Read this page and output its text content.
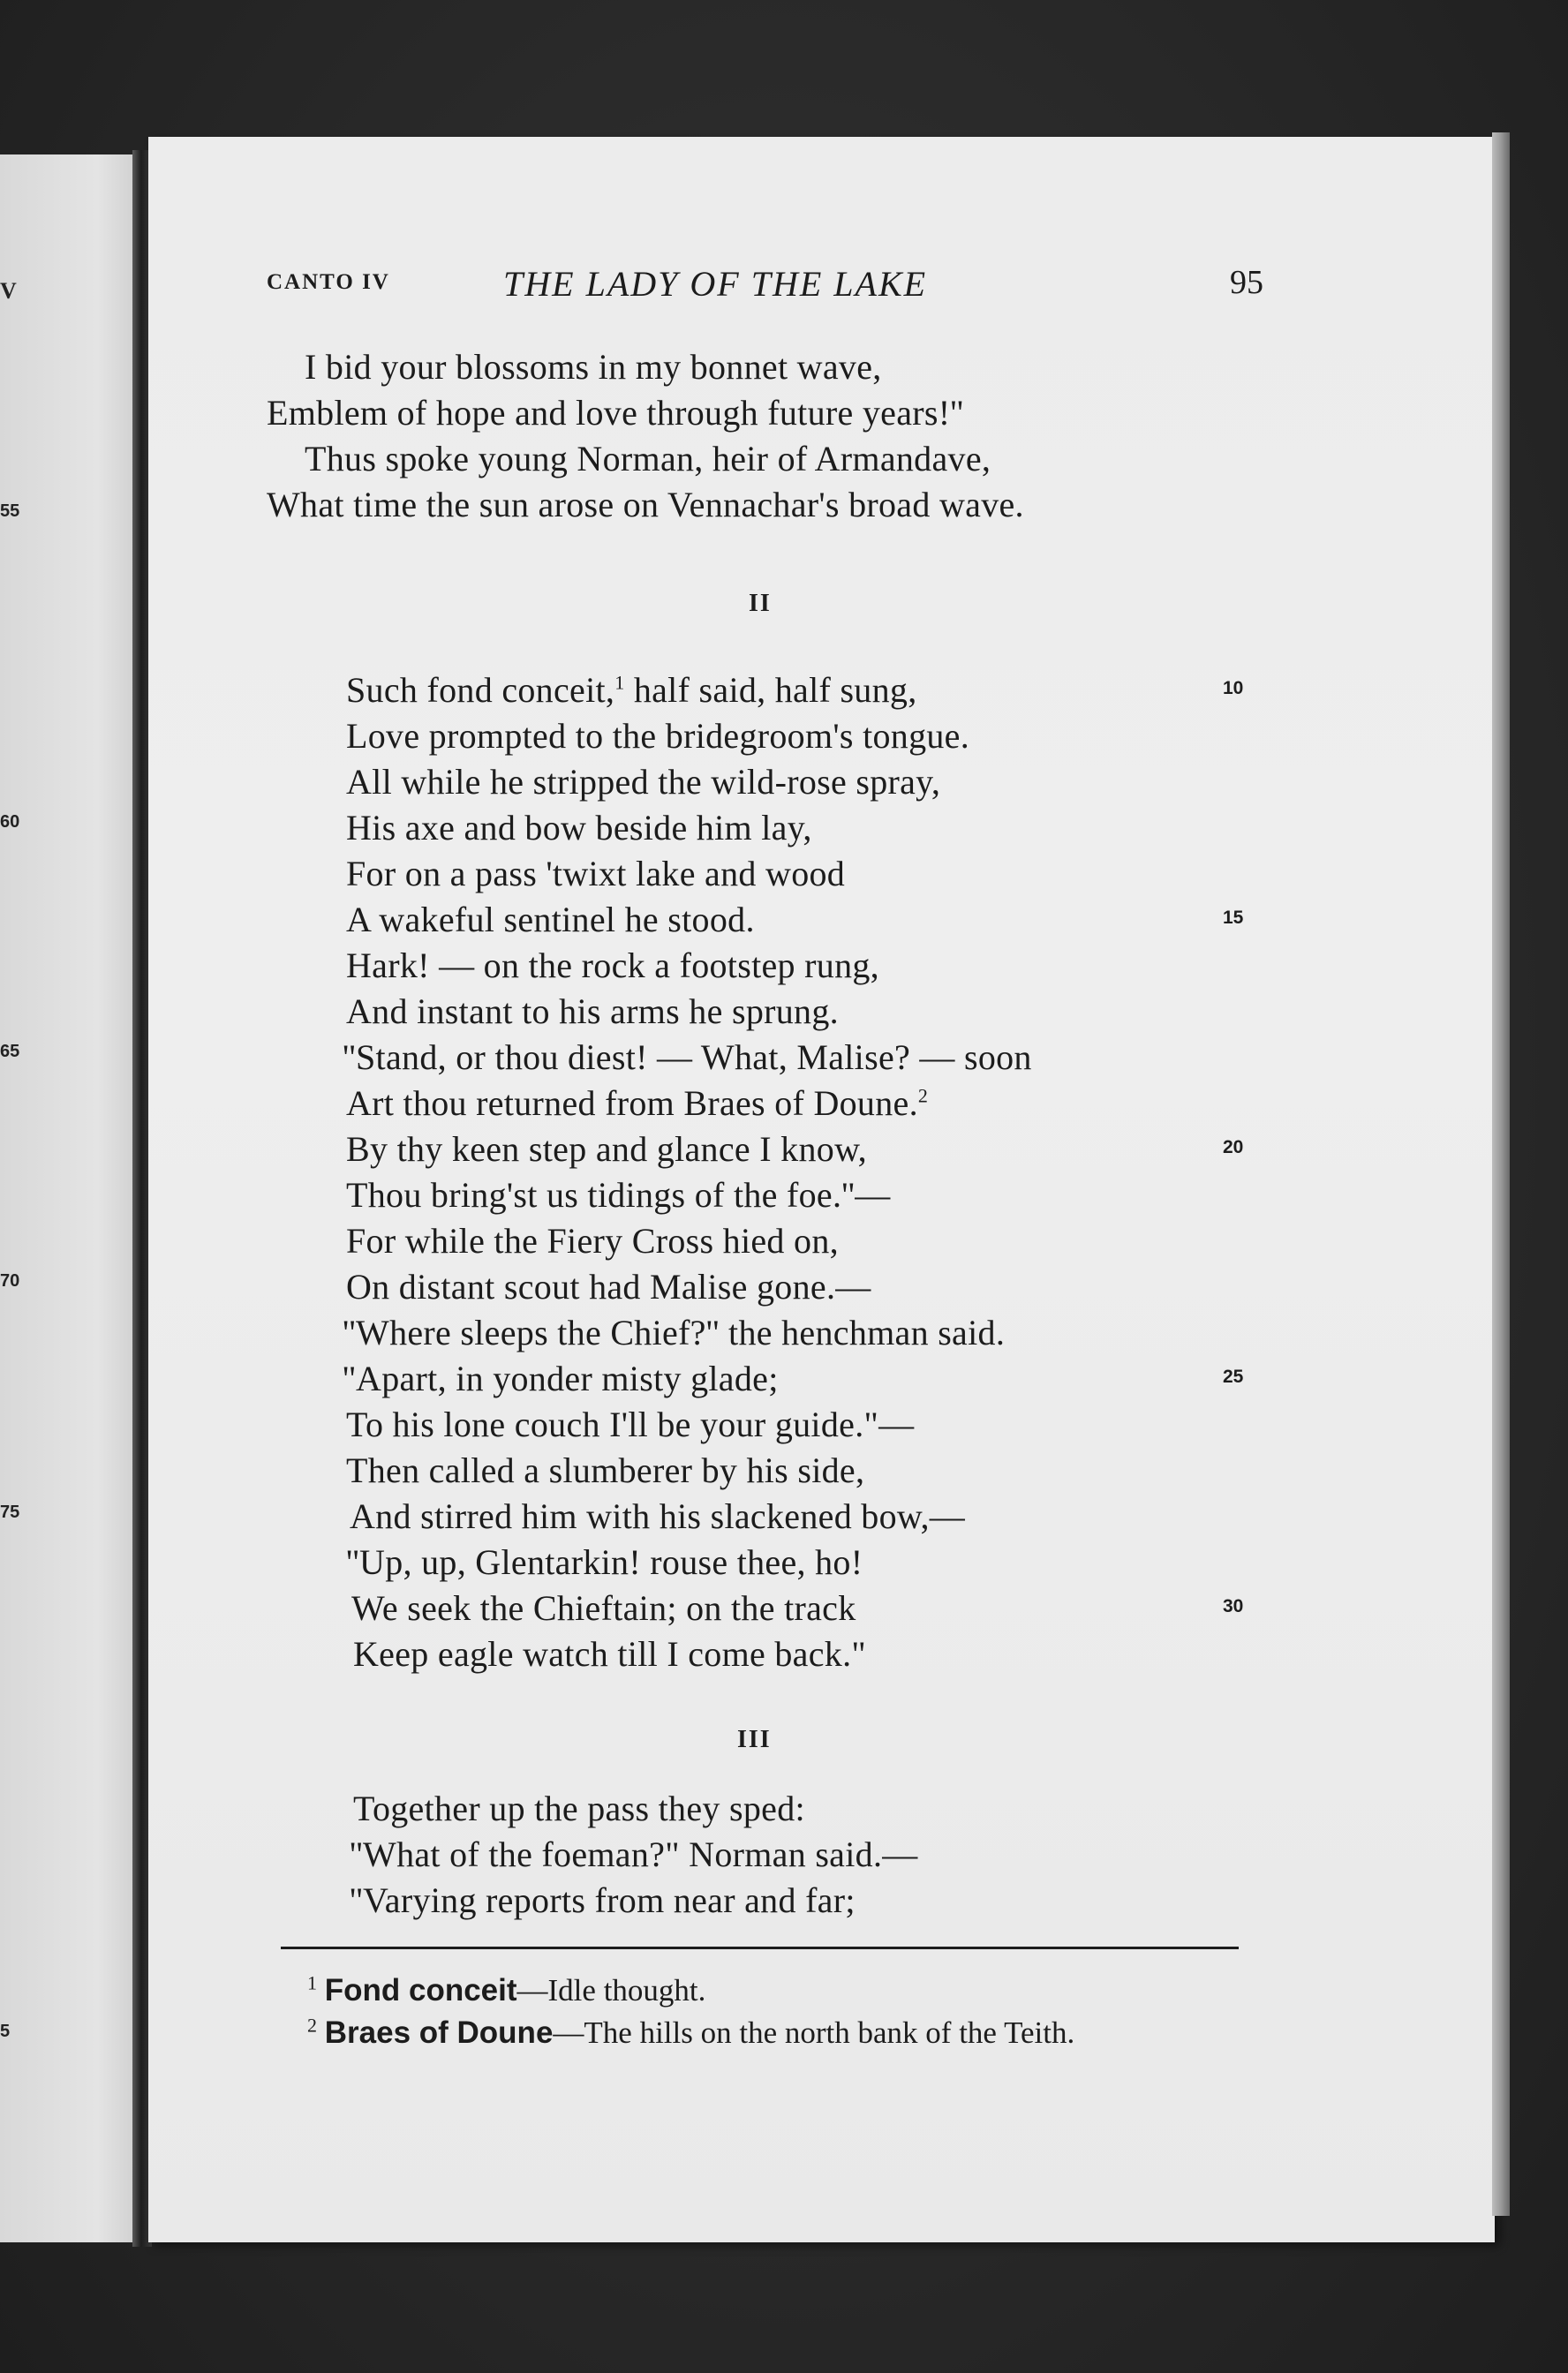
V
55
60
65
70
75
5
CANTO IV	THE LADY OF THE LAKE	95
I bid your blossoms in my bonnet wave,
Emblem of hope and love through future years!''
Thus spoke young Norman, heir of Armandave,
What time the sun arose on Vennachar's broad wave.
II
Such fond conceit,$^1$ half said, half sung,
Love prompted to the bridegroom's tongue.
All while he stripped the wild-rose spray,
His axe and bow beside him lay,
For on a pass 'twixt lake and wood
A wakeful sentinel he stood.
Hark! — on the rock a footstep rung,
And instant to his arms he sprung.
''Stand, or thou diest! — What, Malise? — soon
Art thou returned from Braes of Doune.$^2$
By thy keen step and glance I know,
Thou bring'st us tidings of the foe.''—
For while the Fiery Cross hied on,
On distant scout had Malise gone.—
''Where sleeps the Chief?'' the henchman said.
''Apart, in yonder misty glade;
To his lone couch I'll be your guide."—
Then called a slumberer by his side,
And stirred him with his slackened bow,—
''Up, up, Glentarkin! rouse thee, ho!
We seek the Chieftain; on the track
Keep eagle watch till I come back."
10
15
20
25
30
III
Together up the pass they sped:
''What of the foeman?" Norman said.—
''Varying reports from near and far;
$^1$ Fond conceit—Idle thought.
$^2$ Braes of Doune—The hills on the north bank of the Teith.
